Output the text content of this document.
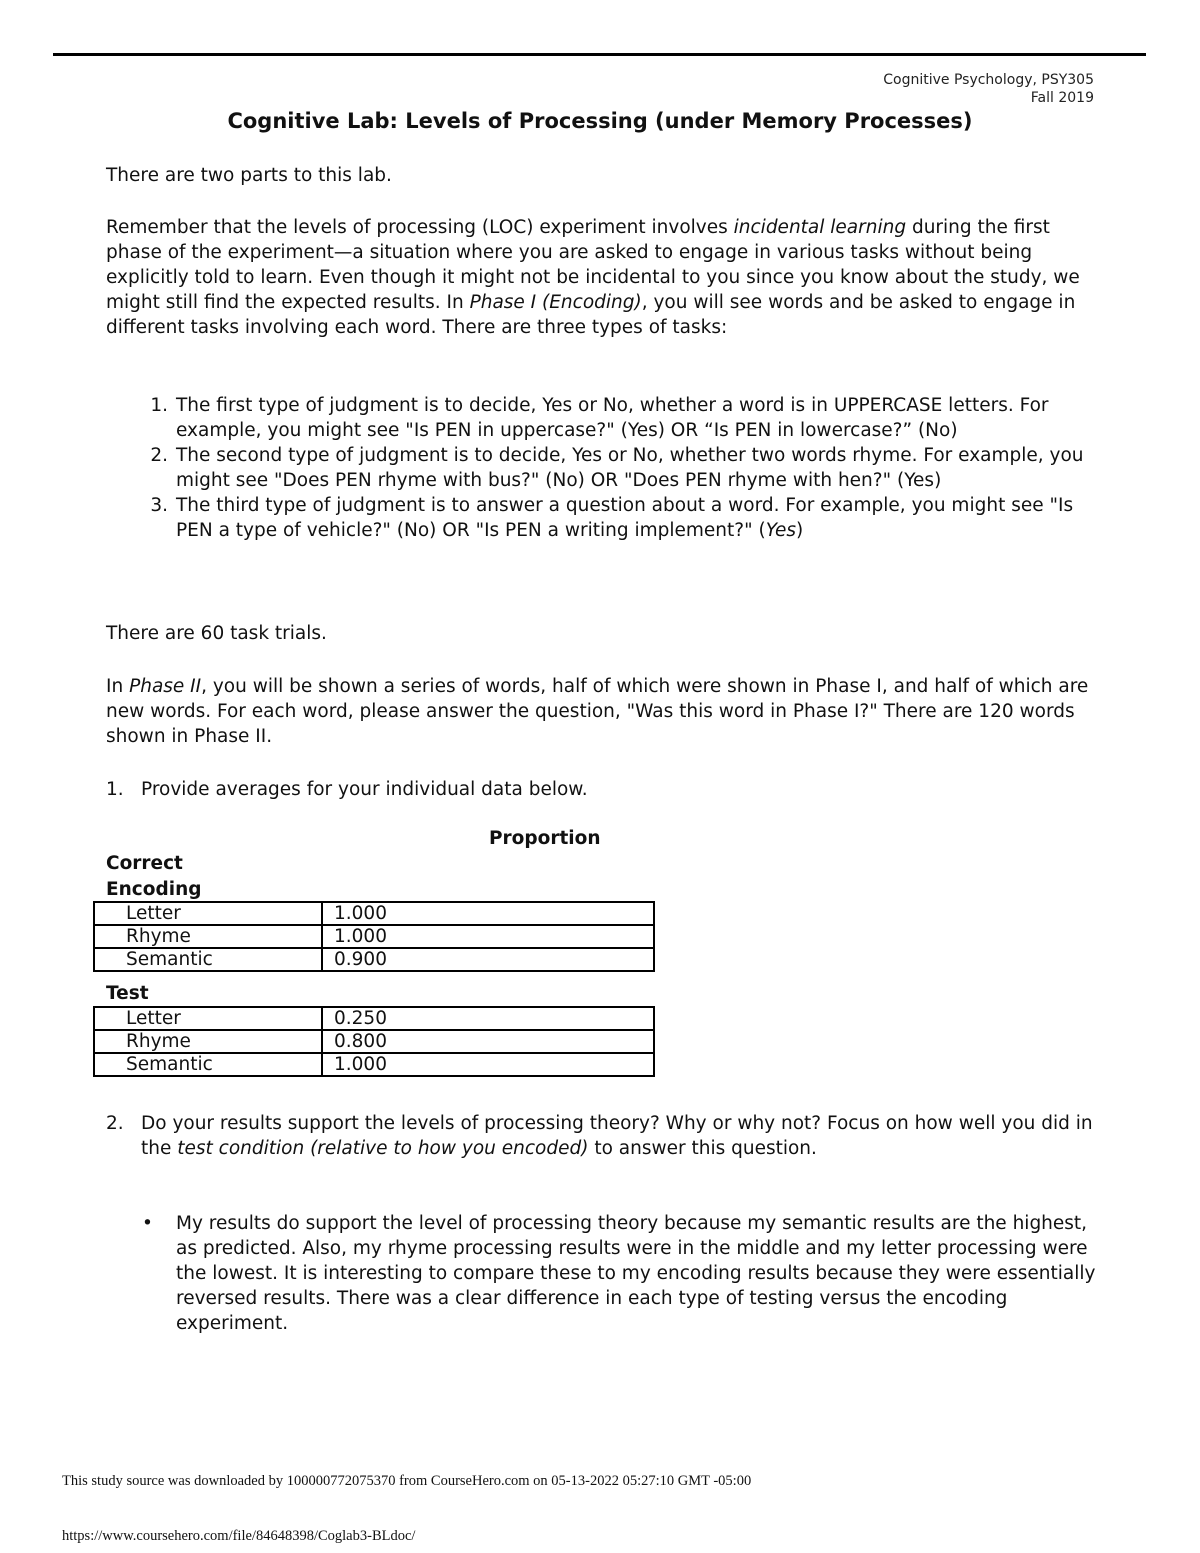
Cognitive Psychology, PSY305
Fall 2019
Cognitive Lab: Levels of Processing (under Memory Processes)
There are two parts to this lab.
Remember that the levels of processing (LOC) experiment involves incidental learning during the first phase of the experiment—a situation where you are asked to engage in various tasks without being explicitly told to learn. Even though it might not be incidental to you since you know about the study, we might still find the expected results. In Phase I (Encoding), you will see words and be asked to engage in different tasks involving each word. There are three types of tasks:
1. The first type of judgment is to decide, Yes or No, whether a word is in UPPERCASE letters. For example, you might see "Is PEN in uppercase?" (Yes) OR “Is PEN in lowercase?” (No)
2. The second type of judgment is to decide, Yes or No, whether two words rhyme. For example, you might see "Does PEN rhyme with bus?" (No) OR "Does PEN rhyme with hen?" (Yes)
3. The third type of judgment is to answer a question about a word. For example, you might see "Is PEN a type of vehicle?" (No) OR "Is PEN a writing implement?" (Yes)
There are 60 task trials.
In Phase II, you will be shown a series of words, half of which were shown in Phase I, and half of which are new words. For each word, please answer the question, "Was this word in Phase I?" There are 120 words shown in Phase II.
1. Provide averages for your individual data below.
Proportion
Correct
Encoding
Letter	1.000
Rhyme	1.000
Semantic	0.900
Test
Letter	0.250
Rhyme	0.800
Semantic	1.000
2. Do your results support the levels of processing theory? Why or why not? Focus on how well you did in the test condition (relative to how you encoded) to answer this question.
• My results do support the level of processing theory because my semantic results are the highest, as predicted. Also, my rhyme processing results were in the middle and my letter processing were the lowest. It is interesting to compare these to my encoding results because they were essentially reversed results. There was a clear difference in each type of testing versus the encoding experiment.
This study source was downloaded by 100000772075370 from CourseHero.com on 05-13-2022 05:27:10 GMT -05:00
https://www.coursehero.com/file/84648398/Coglab3-BLdoc/
